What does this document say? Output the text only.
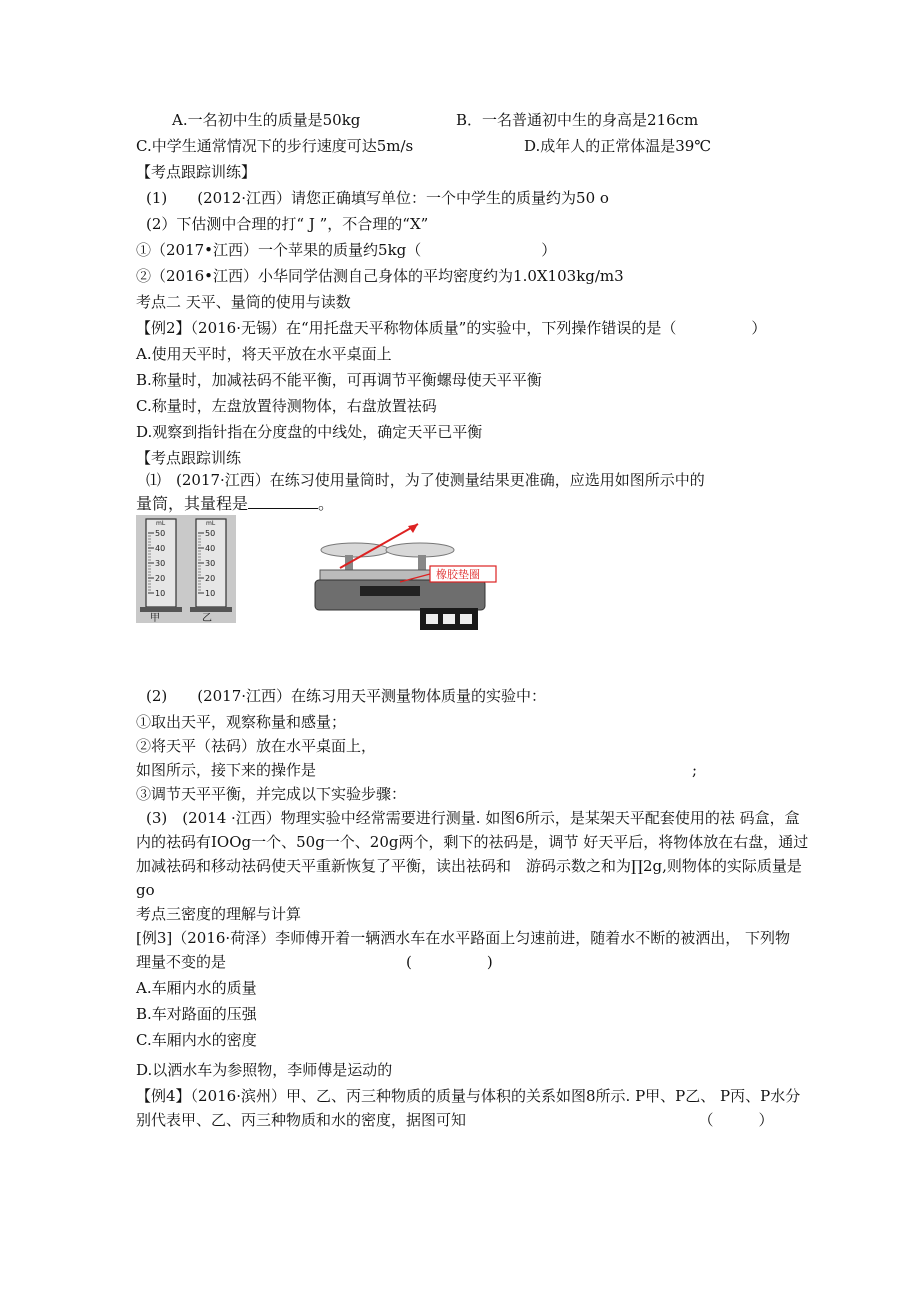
A.一名初中生的质量是50kg	B．一名普通初中生的身高是216cm
C.中学生通常情况下的步行速度可达5m∕s	D.成年人的正常体温是39℃
【考点跟踪训练】
(1)　　(2012·江西）请您正确填写单位：一个中学生的质量约为50 o
(2）下估测中合理的打“ J ”，不合理的“X”
①（2017•江西）一个苹果的质量约5kg（　　　　　　　　）
②（2016•江西）小华同学估测自己身体的平均密度约为1.0X103kg∕m3
考点二 天平、量筒的使用与读数
【例2】（2016·无锡）在“用托盘天平称物体质量”的实验中，下列操作错误的是（　　　　　）
A.使用天平时，将天平放在水平桌面上
B.称量时，加减祛码不能平衡，可再调节平衡螺母使天平平衡
C.称量时，左盘放置待测物体，右盘放置祛码
D.观察到指针指在分度盘的中线处，确定天平已平衡
【考点跟踪训练
⑴　(2017·江西）在练习使用量筒时，为了使测量结果更准确，应选用如图所示中的
量筒，其量程是	。
50
40
30
20
10
50
40
30
20
10
mL	mL
甲	乙
橡胶垫圈
(2)　　(2017·江西）在练习用天平测量物体质量的实验中：
①取出天平，观察称量和感量；
②将天平（祛码）放在水平桌面上，
如图所示，接下来的操作是	;
③调节天平平衡，并完成以下实验步骤：
(3)　(2014 ·江西）物理实验中经常需要进行测量. 如图6所示，是某架天平配套使用的祛 码盒，盒
内的祛码有IOOg一个、50g一个、20g两个，剩下的祛码是，调节 好天平后，将物体放在右盘，通过
加减祛码和移动祛码使天平重新恢复了平衡，读出祛码和　游码示数之和为∏2g,则物体的实际质量是
go
考点三密度的理解与计算
[例3]（2016·荷泽）李师傅开着一辆洒水车在水平路面上匀速前进，随着水不断的被洒出， 下列物
理量不变的是　　　　　　　　　　　　(　　　　　)
A.车厢内水的质量
B.车对路面的压强
C.车厢内水的密度
D.以洒水车为参照物，李师傅是运动的
【例4】（2016·滨州）甲、乙、丙三种物质的质量与体积的关系如图8所示. P甲、P乙、 P丙、P水分
别代表甲、乙、丙三种物质和水的密度，据图可知　　　　　　　　　　　　　　　　（　　　）
